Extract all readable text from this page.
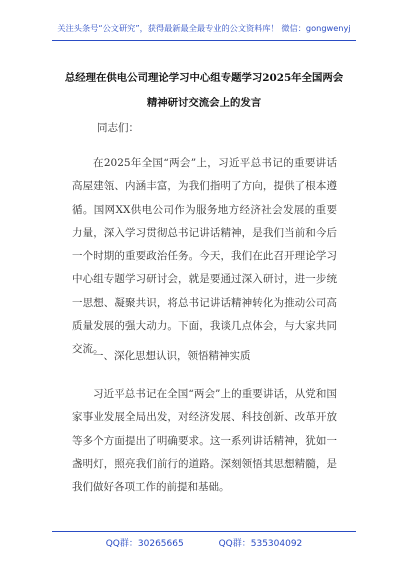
关注头条号“公文研究”，获得最新最全最专业的公文资料库！ 微信：gongwenyj
总经理在供电公司理论学习中心组专题学习2025年全国两会精神研讨交流会上的发言
同志们：

在2025年全国“两会”上，习近平总书记的重要讲话高屋建瓴、内涵丰富，为我们指明了方向，提供了根本遵循。国网XX供电公司作为服务地方经济社会发展的重要力量，深入学习贯彻总书记讲话精神，是我们当前和今后一个时期的重要政治任务。今天，我们在此召开理论学习中心组专题学习研讨会，就是要通过深入研讨，进一步统一思想、凝聚共识，将总书记讲话精神转化为推动公司高质量发展的强大动力。下面，我谈几点体会，与大家共同交流。

一、深化思想认识，领悟精神实质

习近平总书记在全国“两会”上的重要讲话，从党和国家事业发展全局出发，对经济发展、科技创新、改革开放等多个方面提出了明确要求。这一系列讲话精神，犹如一盏明灯，照亮我们前行的道路。深刻领悟其思想精髓，是我们做好各项工作的前提和基础。

QQ群：30265665	QQ群：535304092
